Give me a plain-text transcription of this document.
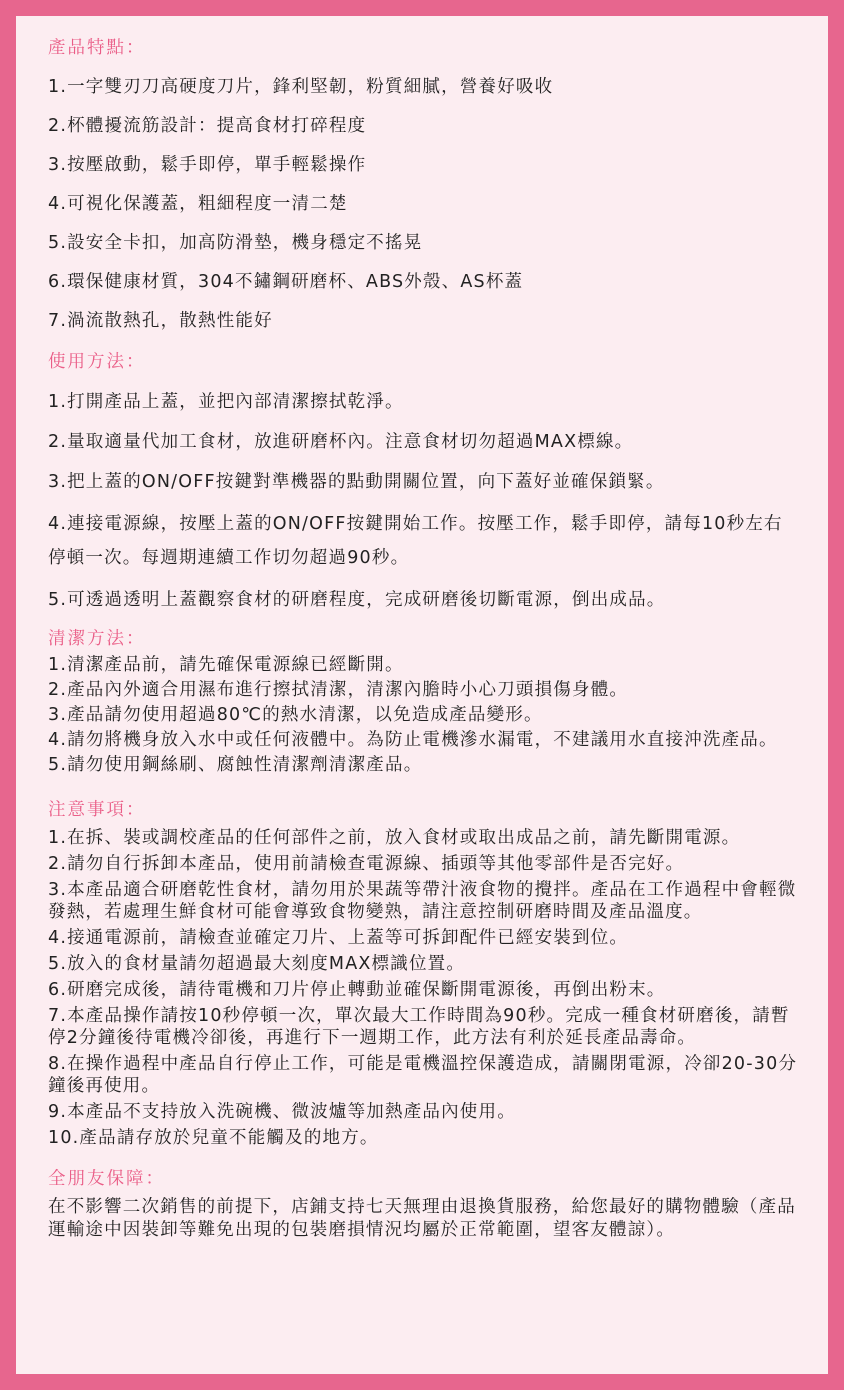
產品特點：
1.一字雙刃刀高硬度刀片，鋒利堅韌，粉質細膩，營養好吸收
2.杯體擾流筋設計：提高食材打碎程度
3.按壓啟動，鬆手即停，單手輕鬆操作
4.可視化保護蓋，粗細程度一清二楚
5.設安全卡扣，加高防滑墊，機身穩定不搖晃
6.環保健康材質，304不鏽鋼研磨杯、ABS外殼、AS杯蓋
7.渦流散熱孔，散熱性能好
使用方法：
1.打開產品上蓋，並把內部清潔擦拭乾淨。
2.量取適量代加工食材，放進研磨杯內。注意食材切勿超過MAX標線。
3.把上蓋的ON/OFF按鍵對準機器的點動開關位置，向下蓋好並確保鎖緊。
4.連接電源線，按壓上蓋的ON/OFF按鍵開始工作。按壓工作，鬆手即停，請每10秒左右停頓一次。每週期連續工作切勿超過90秒。
5.可透過透明上蓋觀察食材的研磨程度，完成研磨後切斷電源，倒出成品。
清潔方法：
1.清潔產品前，請先確保電源線已經斷開。
2.產品內外適合用濕布進行擦拭清潔，清潔內膽時小心刀頭損傷身體。
3.產品請勿使用超過80℃的熱水清潔，以免造成產品變形。
4.請勿將機身放入水中或任何液體中。為防止電機滲水漏電，不建議用水直接沖洗產品。
5.請勿使用鋼絲刷、腐蝕性清潔劑清潔產品。
注意事項：
1.在拆、裝或調校產品的任何部件之前，放入食材或取出成品之前，請先斷開電源。
2.請勿自行拆卸本產品，使用前請檢查電源線、插頭等其他零部件是否完好。
3.本產品適合研磨乾性食材，請勿用於果蔬等帶汁液食物的攪拌。產品在工作過程中會輕微發熱，若處理生鮮食材可能會導致食物變熟，請注意控制研磨時間及產品溫度。
4.接通電源前，請檢查並確定刀片、上蓋等可拆卸配件已經安裝到位。
5.放入的食材量請勿超過最大刻度MAX標識位置。
6.研磨完成後，請待電機和刀片停止轉動並確保斷開電源後，再倒出粉末。
7.本產品操作請按10秒停頓一次，單次最大工作時間為90秒。完成一種食材研磨後，請暫停2分鐘後待電機冷卻後，再進行下一週期工作，此方法有利於延長產品壽命。
8.在操作過程中產品自行停止工作，可能是電機溫控保護造成，請關閉電源，冷卻20-30分鐘後再使用。
9.本產品不支持放入洗碗機、微波爐等加熱產品內使用。
10.產品請存放於兒童不能觸及的地方。
全朋友保障：
在不影響二次銷售的前提下，店鋪支持七天無理由退換貨服務，給您最好的購物體驗（產品運輸途中因裝卸等難免出現的包裝磨損情況均屬於正常範圍，望客友體諒）。
